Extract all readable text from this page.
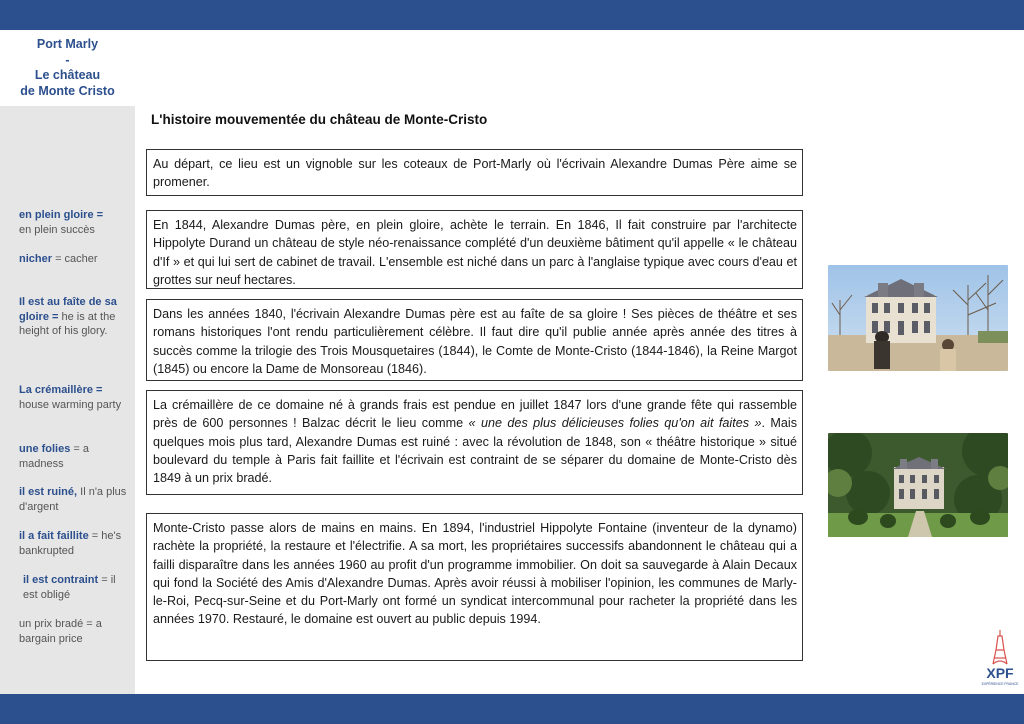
Port Marly
-
Le château
de Monte Cristo
en plein gloire =
en plein succès
nicher = cacher
Il est au faîte de sa gloire = he is at the height of his glory.
La crémaillère = house warming party
une folies = a madness
il est ruiné, Il n'a plus d'argent
il a fait faillite = he's bankrupted
il est contraint = il est obligé
un prix bradé = a bargain price
L'histoire mouvementée du château de Monte-Cristo
Au départ, ce lieu est un vignoble sur les coteaux de Port-Marly où l'écrivain Alexandre Dumas Père aime se promener.
En 1844, Alexandre Dumas père, en plein gloire, achète le terrain. En 1846, Il fait construire par l'architecte Hippolyte Durand un château de style néo-renaissance complété d'un deuxième bâtiment qu'il appelle « le château d'If » et qui lui sert de cabinet de travail. L'ensemble est niché dans un parc à l'anglaise typique avec cours d'eau et grottes sur neuf hectares.
Dans les années 1840, l'écrivain Alexandre Dumas père est au faîte de sa gloire ! Ses pièces de théâtre et ses romans historiques l'ont rendu particulièrement célèbre. Il faut dire qu'il publie année après année des titres à succès comme la trilogie des Trois Mousquetaires (1844), le Comte de Monte-Cristo (1844-1846), la Reine Margot (1845) ou encore la Dame de Monsoreau (1846).
La crémaillère de ce domaine né à grands frais est pendue en juillet 1847 lors d'une grande fête qui rassemble près de 600 personnes ! Balzac décrit le lieu comme « une des plus délicieuses folies qu'on ait faites ». Mais quelques mois plus tard, Alexandre Dumas est ruiné : avec la révolution de 1848, son « théâtre historique » situé boulevard du temple à Paris fait faillite et l'écrivain est contraint de se séparer du domaine de Monte-Cristo dès 1849 à un prix bradé.
Monte-Cristo passe alors de mains en mains. En 1894, l'industriel Hippolyte Fontaine (inventeur de la dynamo) rachète la propriété, la restaure et l'électrifie. A sa mort, les propriétaires successifs abandonnent le château qui a failli disparaître dans les années 1960 au profit d'un programme immobilier. On doit sa sauvegarde à Alain Decaux qui fond la Société des Amis d'Alexandre Dumas. Après avoir réussi à mobiliser l'opinion, les communes de Marly-le-Roi, Pecq-sur-Seine et du Port-Marly ont formé un syndicat intercommunal pour racheter la propriété dans les années 1970. Restauré, le domaine est ouvert au public depuis 1994.
XPF
EXPÉRIENCE FRANCE
